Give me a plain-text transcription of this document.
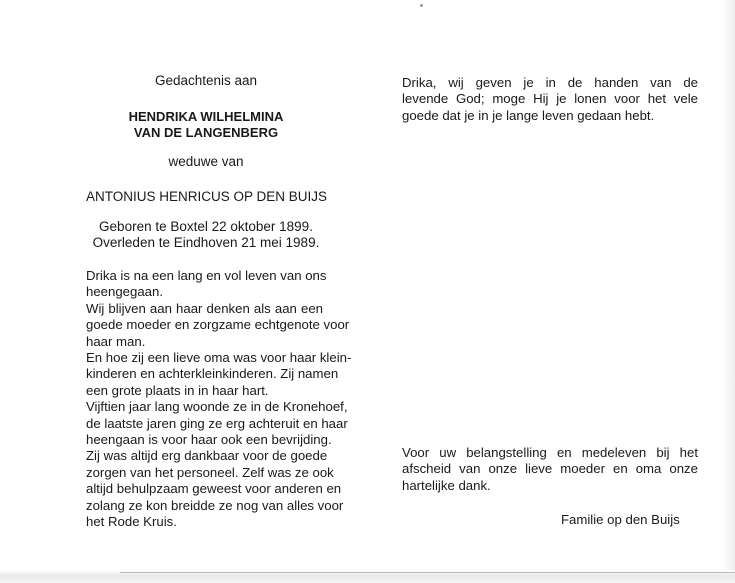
Gedachtenis aan
HENDRIKA WILHELMINA
VAN DE LANGENBERG
weduwe van
ANTONIUS HENRICUS OP DEN BUIJS
Geboren te Boxtel 22 oktober 1899.
Overleden te Eindhoven 21 mei 1989.
Drika is na een lang en vol leven van ons
heengegaan.
Wij blijven aan haar denken als aan een
goede moeder en zorgzame echtgenote voor
haar man.
En hoe zij een lieve oma was voor haar klein-
kinderen en achterkleinkinderen. Zij namen
een grote plaats in in haar hart.
Vijftien jaar lang woonde ze in de Kronehoef,
de laatste jaren ging ze erg achteruit en haar
heengaan is voor haar ook een bevrijding.
Zij was altijd erg dankbaar voor de goede
zorgen van het personeel. Zelf was ze ook
altijd behulpzaam geweest voor anderen en
zolang ze kon breidde ze nog van alles voor
het Rode Kruis.
Drika, wij geven je in de handen van de
levende God; moge Hij je lonen voor het vele
goede dat je in je lange leven gedaan hebt.
Voor uw belangstelling en medeleven bij het
afscheid van onze lieve moeder en oma onze
hartelijke dank.
Familie op den Buijs
